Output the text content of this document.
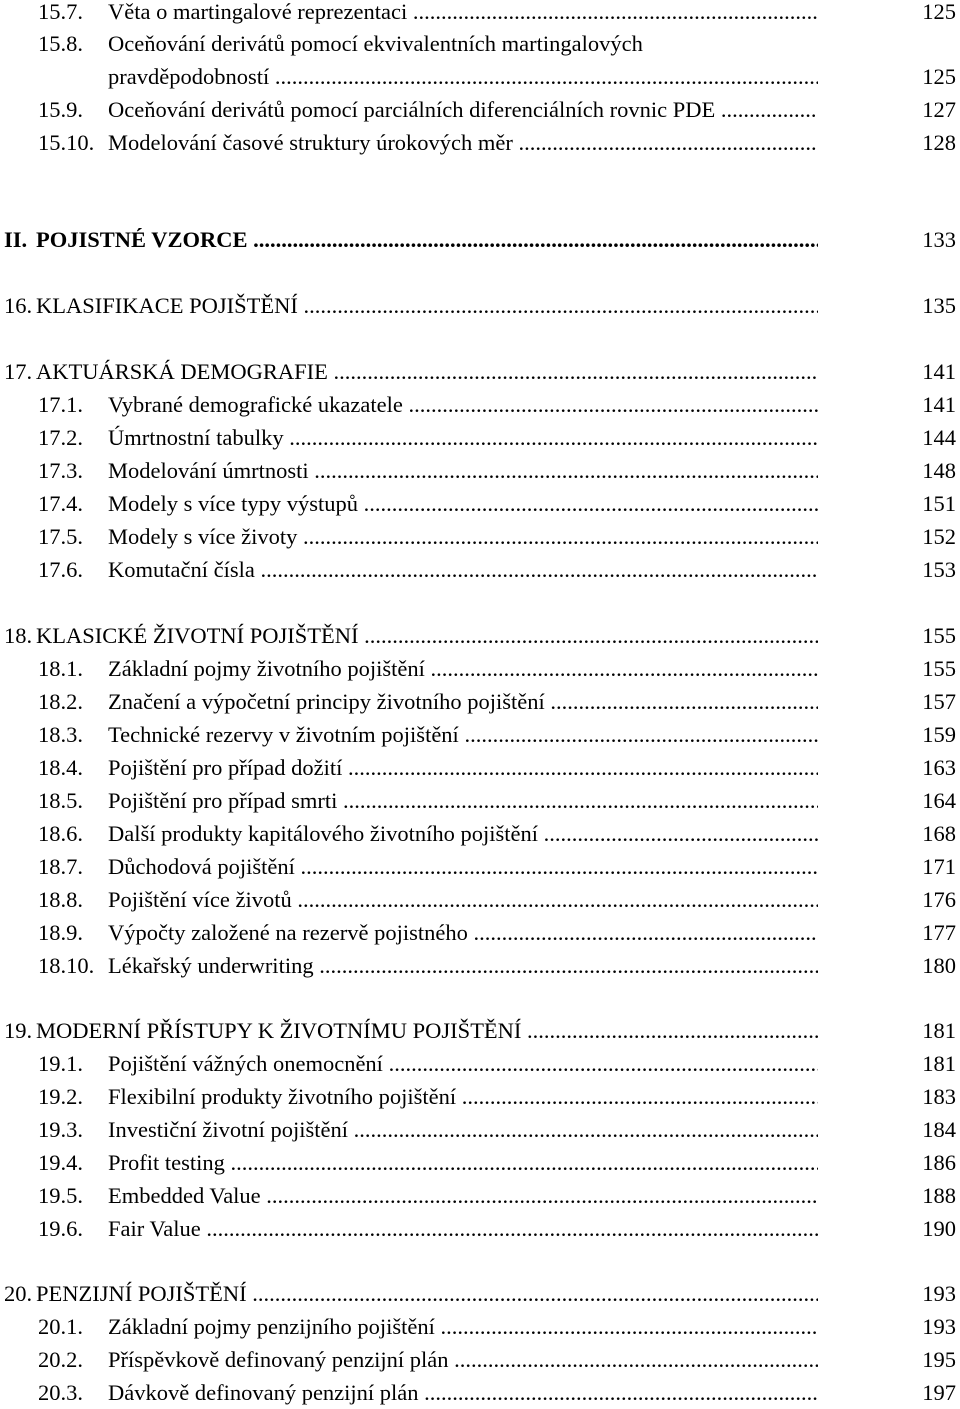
15.7. Věta o martingalové reprezentaci .....	125
15.8. Oceňování derivátů pomocí ekvivalentních martingalových
pravděpodobností .....	125
15.9. Oceňování derivátů pomocí parciálních diferenciálních rovnic PDE .....	127
15.10. Modelování časové struktury úrokových měr .....	128
II. POJISTNÉ VZORCE .....	133
16. KLASIFIKACE POJIŠTĚNÍ .....	135
17. AKTUÁRSKÁ DEMOGRAFIE .....	141
17.1. Vybrané demografické ukazatele .....	141
17.2. Úmrtnostní tabulky .....	144
17.3. Modelování úmrtnosti .....	148
17.4. Modely s více typy výstupů .....	151
17.5. Modely s více životy .....	152
17.6. Komutační čísla .....	153
18. KLASICKÉ ŽIVOTNÍ POJIŠTĚNÍ .....	155
18.1. Základní pojmy životního pojištění .....	155
18.2. Značení a výpočetní principy životního pojištění .....	157
18.3. Technické rezervy v životním pojištění .....	159
18.4. Pojištění pro případ dožití .....	163
18.5. Pojištění pro případ smrti .....	164
18.6. Další produkty kapitálového životního pojištění .....	168
18.7. Důchodová pojištění .....	171
18.8. Pojištění více životů .....	176
18.9. Výpočty založené na rezervě pojistného .....	177
18.10. Lékařský underwriting .....	180
19. MODERNÍ PŘÍSTUPY K ŽIVOTNÍMU POJIŠTĚNÍ .....	181
19.1. Pojištění vážných onemocnění .....	181
19.2. Flexibilní produkty životního pojištění .....	183
19.3. Investiční životní pojištění .....	184
19.4. Profit testing .....	186
19.5. Embedded Value .....	188
19.6. Fair Value .....	190
20. PENZIJNÍ POJIŠTĚNÍ .....	193
20.1. Základní pojmy penzijního pojištění .....	193
20.2. Příspěvkově definovaný penzijní plán .....	195
20.3. Dávkově definovaný penzijní plán .....	197
